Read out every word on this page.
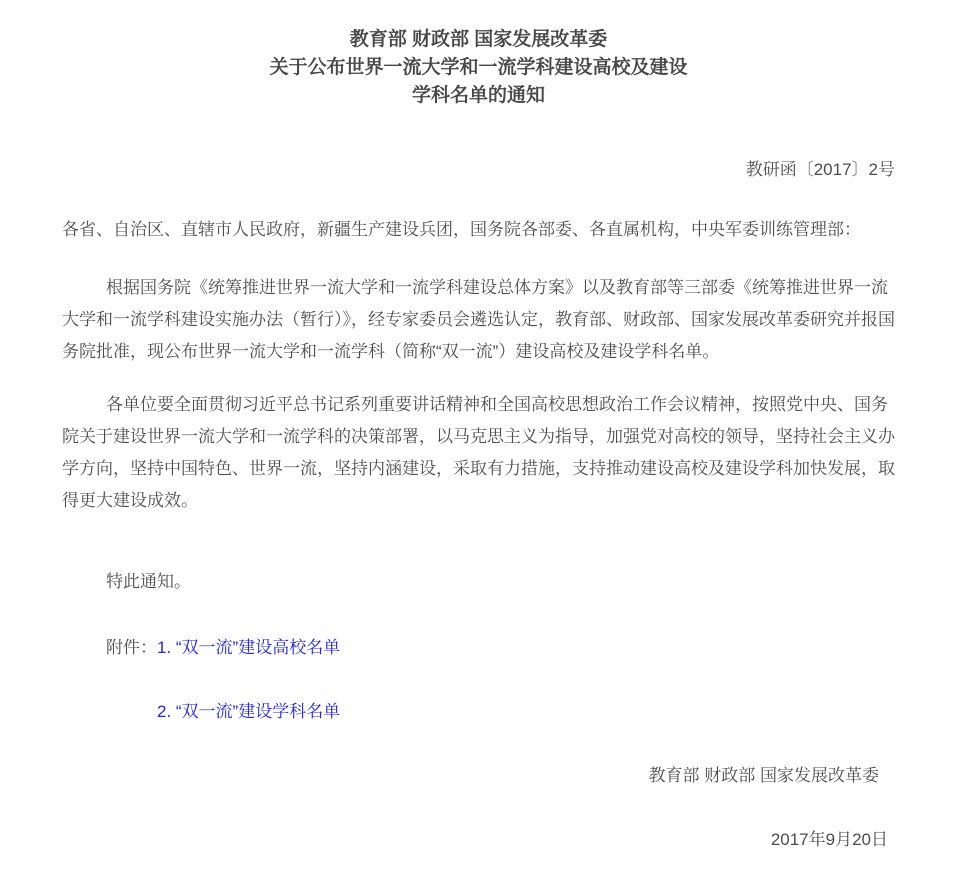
教育部 财政部 国家发展改革委
关于公布世界一流大学和一流学科建设高校及建设
学科名单的通知

教研函〔2017〕2号

各省、自治区、直辖市人民政府，新疆生产建设兵团，国务院各部委、各直属机构，中央军委训练管理部：

根据国务院《统筹推进世界一流大学和一流学科建设总体方案》以及教育部等三部委《统筹推进世界一流大学和一流学科建设实施办法（暂行）》，经专家委员会遴选认定，教育部、财政部、国家发展改革委研究并报国务院批准，现公布世界一流大学和一流学科（简称“双一流”）建设高校及建设学科名单。

各单位要全面贯彻习近平总书记系列重要讲话精神和全国高校思想政治工作会议精神，按照党中央、国务院关于建设世界一流大学和一流学科的决策部署，以马克思主义为指导，加强党对高校的领导，坚持社会主义办学方向，坚持中国特色、世界一流，坚持内涵建设，采取有力措施，支持推动建设高校及建设学科加快发展，取得更大建设成效。

特此通知。

附件：1. “双一流”建设高校名单

2. “双一流”建设学科名单

教育部 财政部 国家发展改革委

2017年9月20日
